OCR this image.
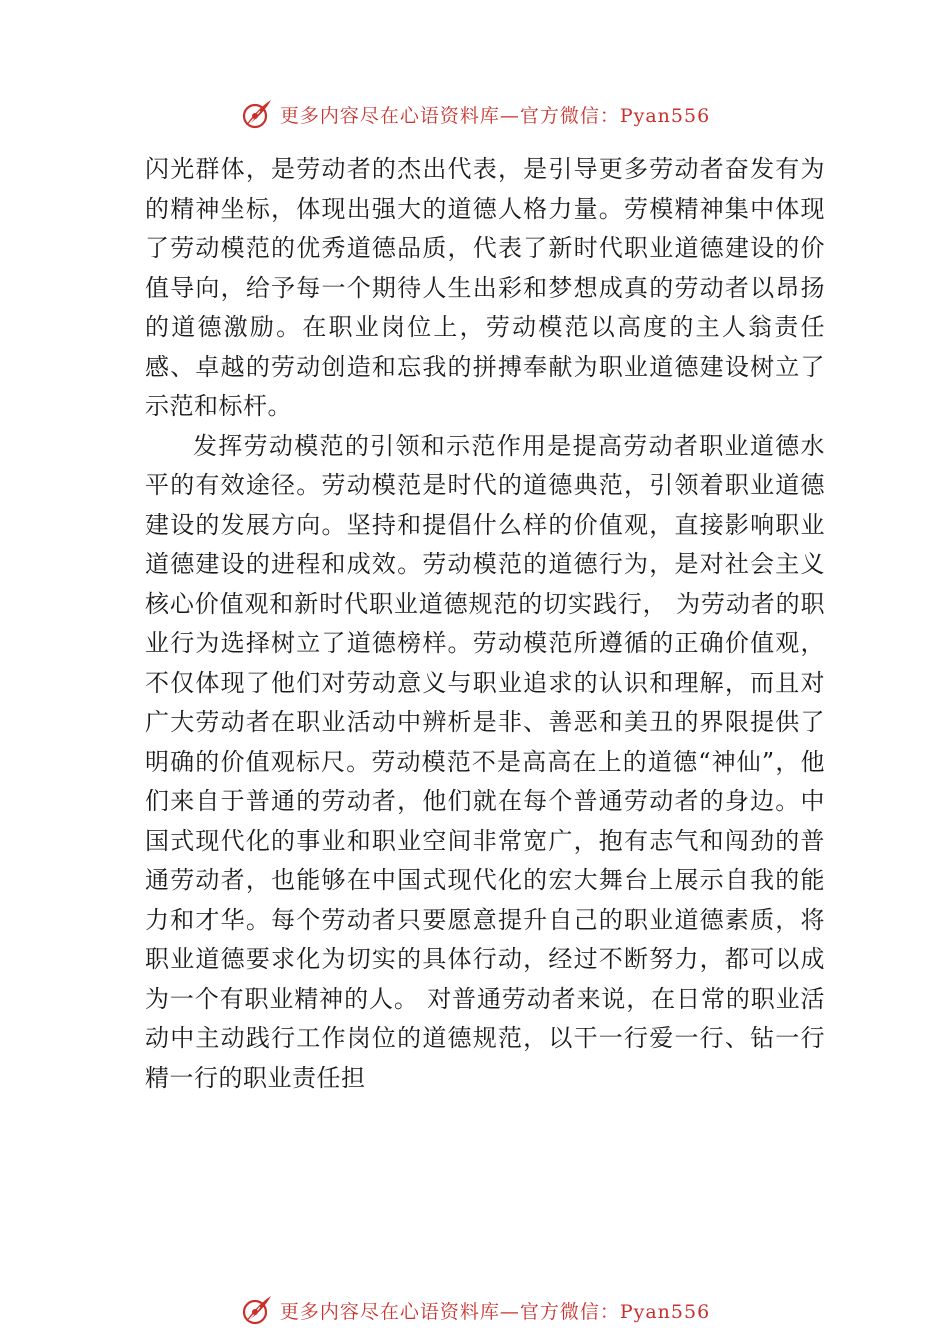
更多内容尽在心语资料库—官方微信：Pyan556

闪光群体，是劳动者的杰出代表，是引导更多劳动者奋发有为的精神坐标，体现出强大的道德人格力量。劳模精神集中体现了劳动模范的优秀道德品质，代表了新时代职业道德建设的价值导向，给予每一个期待人生出彩和梦想成真的劳动者以昂扬的道德激励。在职业岗位上，劳动模范以高度的主人翁责任感、卓越的劳动创造和忘我的拼搏奉献为职业道德建设树立了示范和标杆。

发挥劳动模范的引领和示范作用是提高劳动者职业道德水平的有效途径。劳动模范是时代的道德典范，引领着职业道德建设的发展方向。坚持和提倡什么样的价值观，直接影响职业道德建设的进程和成效。劳动模范的道德行为，是对社会主义核心价值观和新时代职业道德规范的切实践行， 为劳动者的职业行为选择树立了道德榜样。劳动模范所遵循的正确价值观，不仅体现了他们对劳动意义与职业追求的认识和理解，而且对广大劳动者在职业活动中辨析是非、善恶和美丑的界限提供了明确的价值观标尺。劳动模范不是高高在上的道德“神仙”，他们来自于普通的劳动者，他们就在每个普通劳动者的身边。中国式现代化的事业和职业空间非常宽广，抱有志气和闯劲的普通劳动者，也能够在中国式现代化的宏大舞台上展示自我的能力和才华。每个劳动者只要愿意提升自己的职业道德素质，将职业道德要求化为切实的具体行动，经过不断努力，都可以成为一个有职业精神的人。 对普通劳动者来说，在日常的职业活动中主动践行工作岗位的道德规范，以干一行爱一行、钻一行精一行的职业责任担

更多内容尽在心语资料库—官方微信：Pyan556
